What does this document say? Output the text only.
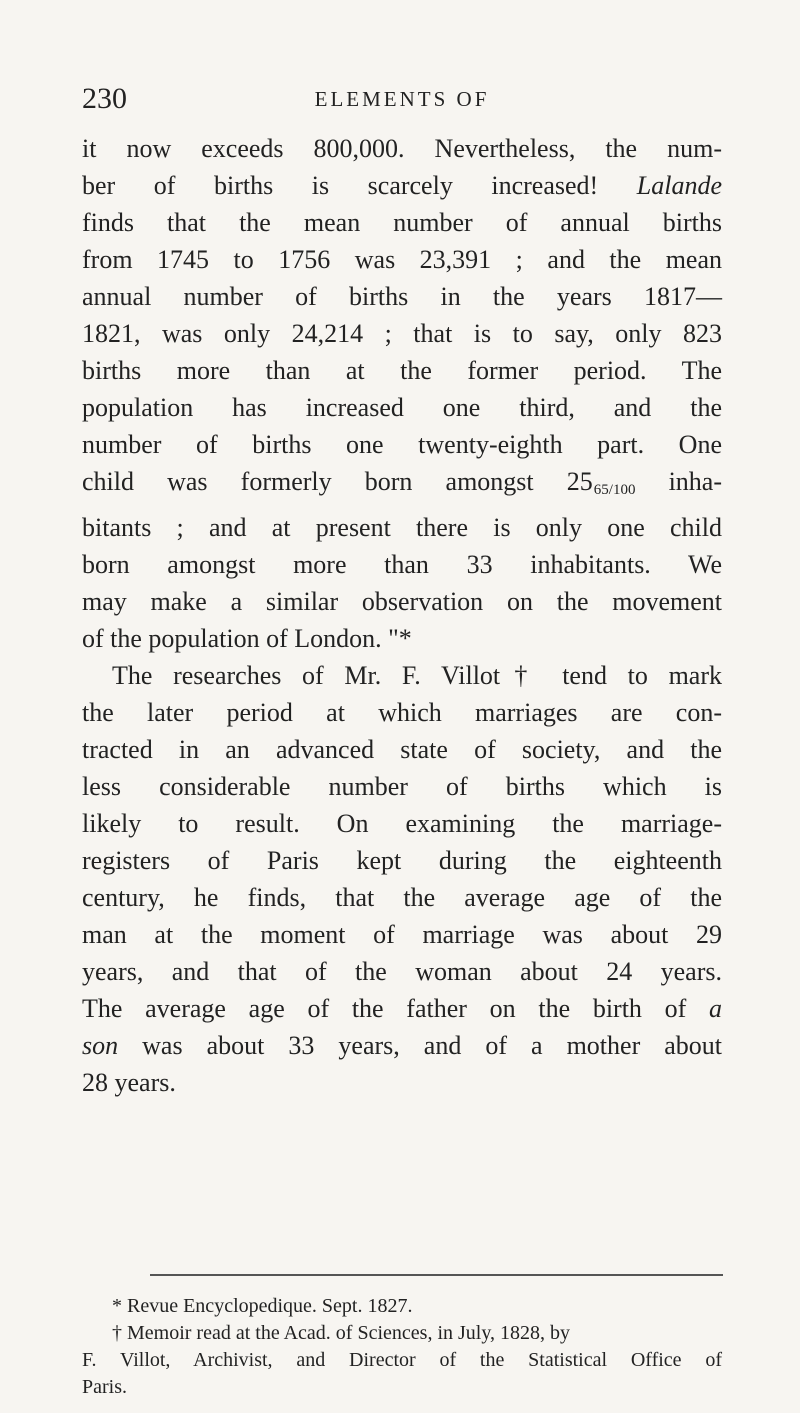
230	ELEMENTS OF
it now exceeds 800,000. Nevertheless, the num-
ber of births is scarcely increased! Lalande
finds that the mean number of annual births
from 1745 to 1756 was 23,391 ; and the mean
annual number of births in the years 1817—
1821, was only 24,214 ; that is to say, only 823
births more than at the former period. The
population has increased one third, and the
number of births one twenty-eighth part. One
child was formerly born amongst 2565/100 inha-
bitants ; and at present there is only one child
born amongst more than 33 inhabitants. We
may make a similar observation on the movement
of the population of London. "*
The researches of Mr. F. Villot† tend to mark
the later period at which marriages are con-
tracted in an advanced state of society, and the
less considerable number of births which is
likely to result. On examining the marriage-
registers of Paris kept during the eighteenth
century, he finds, that the average age of the
man at the moment of marriage was about 29
years, and that of the woman about 24 years.
The average age of the father on the birth of a
son was about 33 years, and of a mother about
28 years.
* Revue Encyclopedique. Sept. 1827.
† Memoir read at the Acad. of Sciences, in July, 1828, by
F. Villot, Archivist, and Director of the Statistical Office of
Paris.
